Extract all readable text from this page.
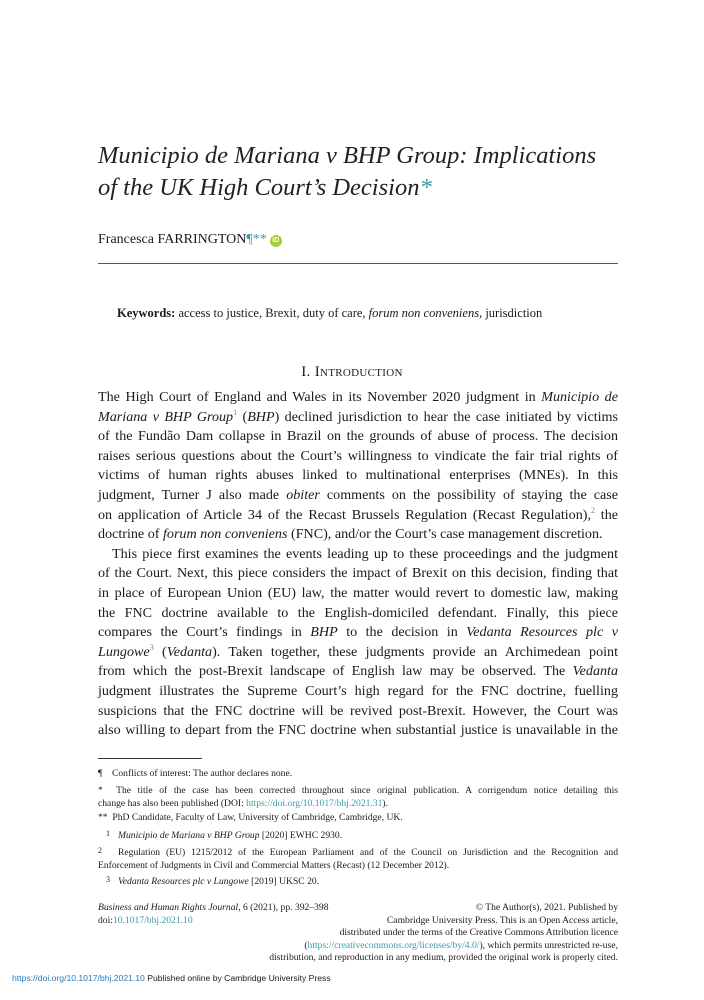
Municipio de Mariana v BHP Group: Implications
of the UK High Court’s Decision*
Francesca FARRINGTON¶** iD
Keywords: access to justice, Brexit, duty of care, forum non conveniens, jurisdiction
I. Introduction
The High Court of England and Wales in its November 2020 judgment in Municipio de
Mariana v BHP Group$^1$ (BHP) declined jurisdiction to hear the case initiated by victims
of the Fundão Dam collapse in Brazil on the grounds of abuse of process. The decision
raises serious questions about the Court’s willingness to vindicate the fair trial rights of
victims of human rights abuses linked to multinational enterprises (MNEs). In this
judgment, Turner J also made obiter comments on the possibility of staying the case
on application of Article 34 of the Recast Brussels Regulation (Recast Regulation),$^2$ the
doctrine of forum non conveniens (FNC), and/or the Court’s case management discretion.
This piece first examines the events leading up to these proceedings and the judgment
of the Court. Next, this piece considers the impact of Brexit on this decision, finding that
in place of European Union (EU) law, the matter would revert to domestic law, making
the FNC doctrine available to the English-domiciled defendant. Finally, this piece
compares the Court’s findings in BHP to the decision in Vedanta Resources plc v
Lungowe$^3$ (Vedanta). Taken together, these judgments provide an Archimedean point
from which the post-Brexit landscape of English law may be observed. The Vedanta
judgment illustrates the Supreme Court’s high regard for the FNC doctrine, fuelling
suspicions that the FNC doctrine will be revived post-Brexit. However, the Court was
also willing to depart from the FNC doctrine when substantial justice is unavailable in the
¶ Conflicts of interest: The author declares none.
* The title of the case has been corrected throughout since original publication. A corrigendum notice detailing this
change has also been published (DOI: https://doi.org/10.1017/bhj.2021.31).
** PhD Candidate, Faculty of Law, University of Cambridge, Cambridge, UK.
1 Municipio de Mariana v BHP Group [2020] EWHC 2930.
2 Regulation (EU) 1215/2012 of the European Parliament and of the Council on Jurisdiction and the Recognition and
Enforcement of Judgments in Civil and Commercial Matters (Recast) (12 December 2012).
3 Vedanta Resources plc v Lungowe [2019] UKSC 20.
Business and Human Rights Journal, 6 (2021), pp. 392–398
doi:10.1017/bhj.2021.10
© The Author(s), 2021. Published by
Cambridge University Press. This is an Open Access article,
distributed under the terms of the Creative Commons Attribution licence
(https://creativecommons.org/licenses/by/4.0/), which permits unrestricted re-use,
distribution, and reproduction in any medium, provided the original work is properly cited.
https://doi.org/10.1017/bhj.2021.10 Published online by Cambridge University Press
